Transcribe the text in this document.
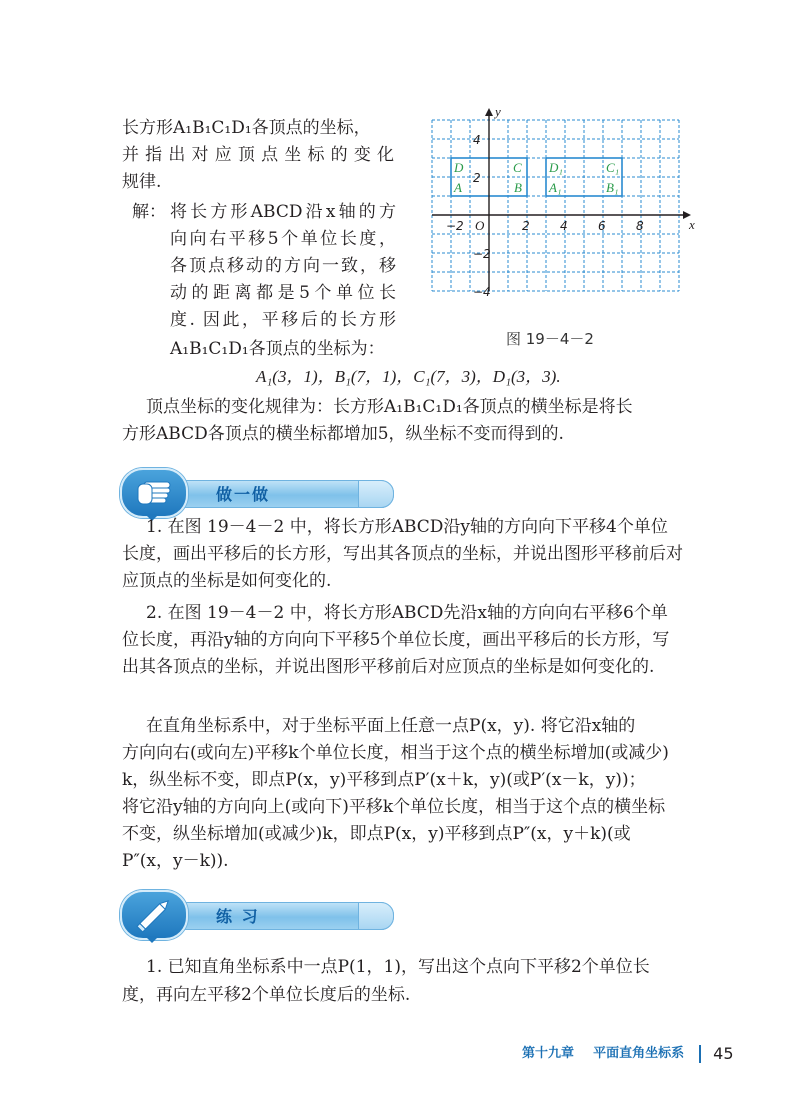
长方形A₁B₁C₁D₁各顶点的坐标，
并指出对应顶点坐标的变化
规律.
解： 将长方形ABCD沿x轴的方
向向右平移5个单位长度，
各顶点移动的方向一致，移
动的距离都是5个单位长
度. 因此，平移后的长方形
A₁B₁C₁D₁各顶点的坐标为：
x
y
O
−2	2	4	6	8
4
2
−2
−4
A	B
C
D
A₁	B₁
C₁
D₁
图 19－4－2
A₁(3，1)，B₁(7，1)，C₁(7，3)，D₁(3，3).
顶点坐标的变化规律为：长方形A₁B₁C₁D₁各顶点的横坐标是将长
方形ABCD各顶点的横坐标都增加5，纵坐标不变而得到的.
做一做
1. 在图 19－4－2 中，将长方形ABCD沿y轴的方向向下平移4个单位
长度，画出平移后的长方形，写出其各顶点的坐标，并说出图形平移前后对
应顶点的坐标是如何变化的.
2. 在图 19－4－2 中，将长方形ABCD先沿x轴的方向向右平移6个单
位长度，再沿y轴的方向向下平移5个单位长度，画出平移后的长方形，写
出其各顶点的坐标，并说出图形平移前后对应顶点的坐标是如何变化的.
在直角坐标系中，对于坐标平面上任意一点P(x，y). 将它沿x轴的
方向向右(或向左)平移k个单位长度，相当于这个点的横坐标增加(或减少)
k，纵坐标不变，即点P(x，y)平移到点P′(x＋k，y)(或P′(x－k，y))；
将它沿y轴的方向向上(或向下)平移k个单位长度，相当于这个点的横坐标
不变，纵坐标增加(或减少)k，即点P(x，y)平移到点P″(x，y＋k)(或
P″(x，y－k)).
练 习
1. 已知直角坐标系中一点P(1，1)，写出这个点向下平移2个单位长
度，再向左平移2个单位长度后的坐标.
第十九章 平面直角坐标系 45
